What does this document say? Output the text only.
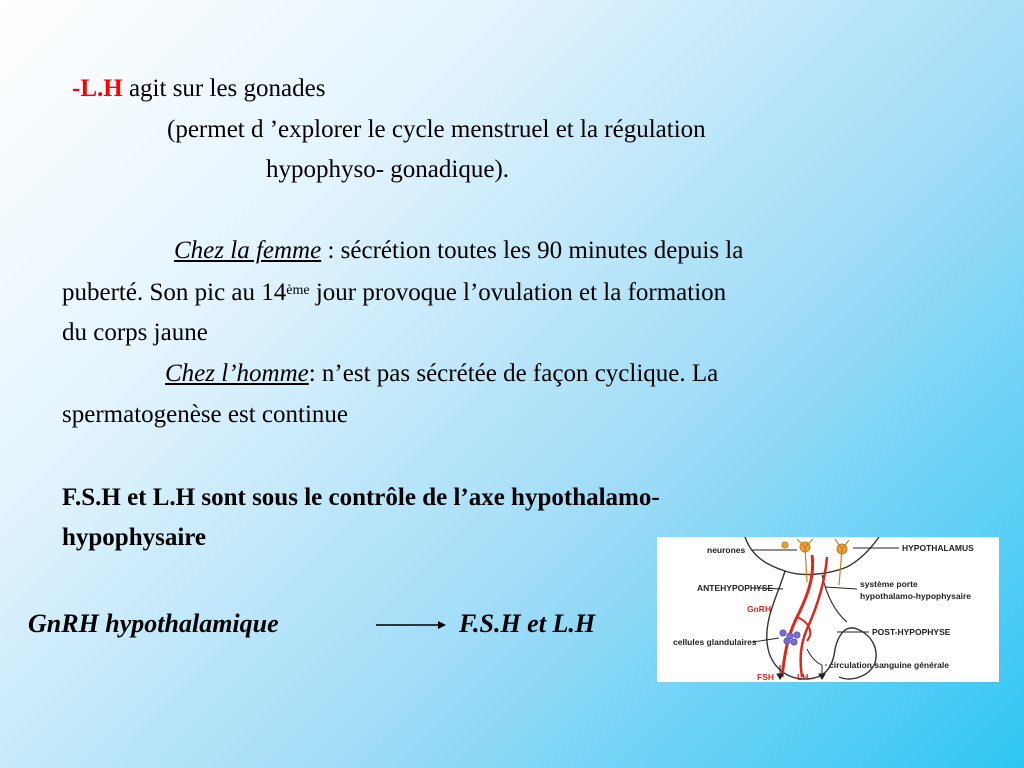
-L.H agit sur les gonades
(permet d ’explorer le cycle menstruel et la régulation
hypophyso- gonadique).
Chez la femme : sécrétion toutes les 90 minutes depuis la
puberté. Son pic au 14ème jour provoque l’ovulation et la formation
du corps jaune
Chez l’homme: n’est pas sécrétée de façon cyclique. La
spermatogenèse est continue
F.S.H et L.H sont sous le contrôle de l’axe hypothalamo-
hypophysaire
GnRH hypothalamique	F.S.H et L.H
neurones	HYPOTHALAMUS
ANTEHYPOPHYSE	système porte
hypothalamo-hypophysaire
GnRH
POST-HYPOPHYSE
cellules glandulaires
circulation sanguine générale
FSH	LH
